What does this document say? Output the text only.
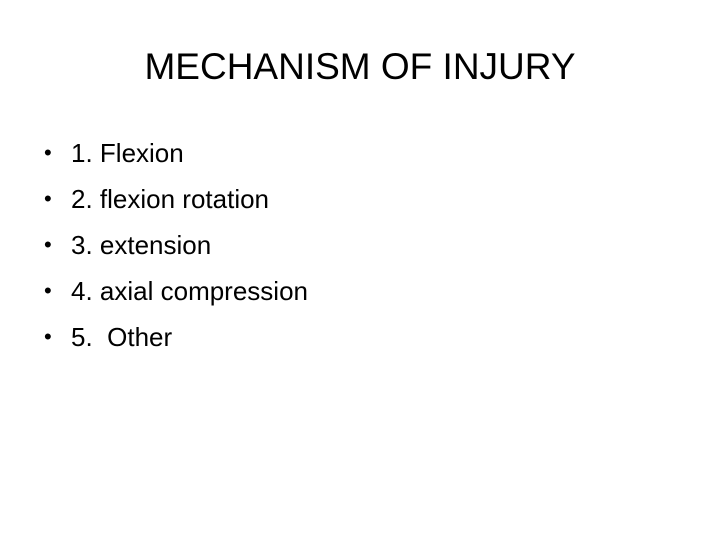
MECHANISM OF INJURY

•

1. Flexion

•

2. flexion rotation

•

3. extension

•

4. axial compression

•

5.  Other
